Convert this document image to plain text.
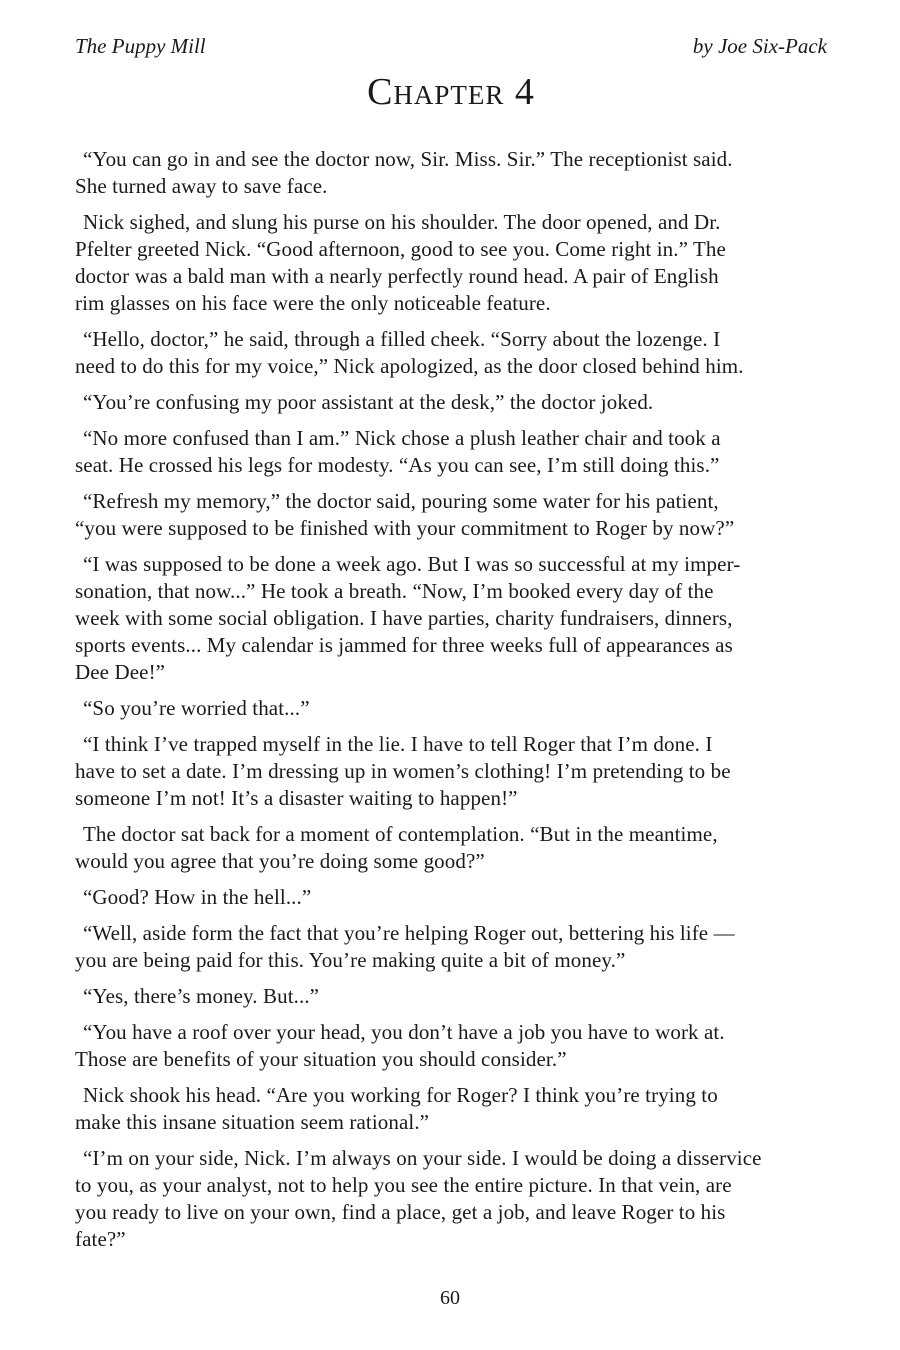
The Puppy Mill	by Joe Six-Pack
Chapter 4

“You can go in and see the doctor now, Sir. Miss. Sir.” The receptionist said.
She turned away to save face.

Nick sighed, and slung his purse on his shoulder. The door opened, and Dr.
Pfelter greeted Nick. “Good afternoon, good to see you. Come right in.” The
doctor was a bald man with a nearly perfectly round head. A pair of English
rim glasses on his face were the only noticeable feature.

“Hello, doctor,” he said, through a filled cheek. “Sorry about the lozenge. I
need to do this for my voice,” Nick apologized, as the door closed behind him.

“You’re confusing my poor assistant at the desk,” the doctor joked.

“No more confused than I am.” Nick chose a plush leather chair and took a
seat. He crossed his legs for modesty. “As you can see, I’m still doing this.”

“Refresh my memory,” the doctor said, pouring some water for his patient,
“you were supposed to be finished with your commitment to Roger by now?”

“I was supposed to be done a week ago. But I was so successful at my imper-
sonation, that now...” He took a breath. “Now, I’m booked every day of the
week with some social obligation. I have parties, charity fundraisers, dinners,
sports events... My calendar is jammed for three weeks full of appearances as
Dee Dee!”

“So you’re worried that...”

“I think I’ve trapped myself in the lie. I have to tell Roger that I’m done. I
have to set a date. I’m dressing up in women’s clothing! I’m pretending to be
someone I’m not! It’s a disaster waiting to happen!”

The doctor sat back for a moment of contemplation. “But in the meantime,
would you agree that you’re doing some good?”

“Good? How in the hell...”

“Well, aside form the fact that you’re helping Roger out, bettering his life —
you are being paid for this. You’re making quite a bit of money.”

“Yes, there’s money. But...”

“You have a roof over your head, you don’t have a job you have to work at.
Those are benefits of your situation you should consider.”

Nick shook his head. “Are you working for Roger? I think you’re trying to
make this insane situation seem rational.”

“I’m on your side, Nick. I’m always on your side. I would be doing a disservice
to you, as your analyst, not to help you see the entire picture. In that vein, are
you ready to live on your own, find a place, get a job, and leave Roger to his
fate?”

60
